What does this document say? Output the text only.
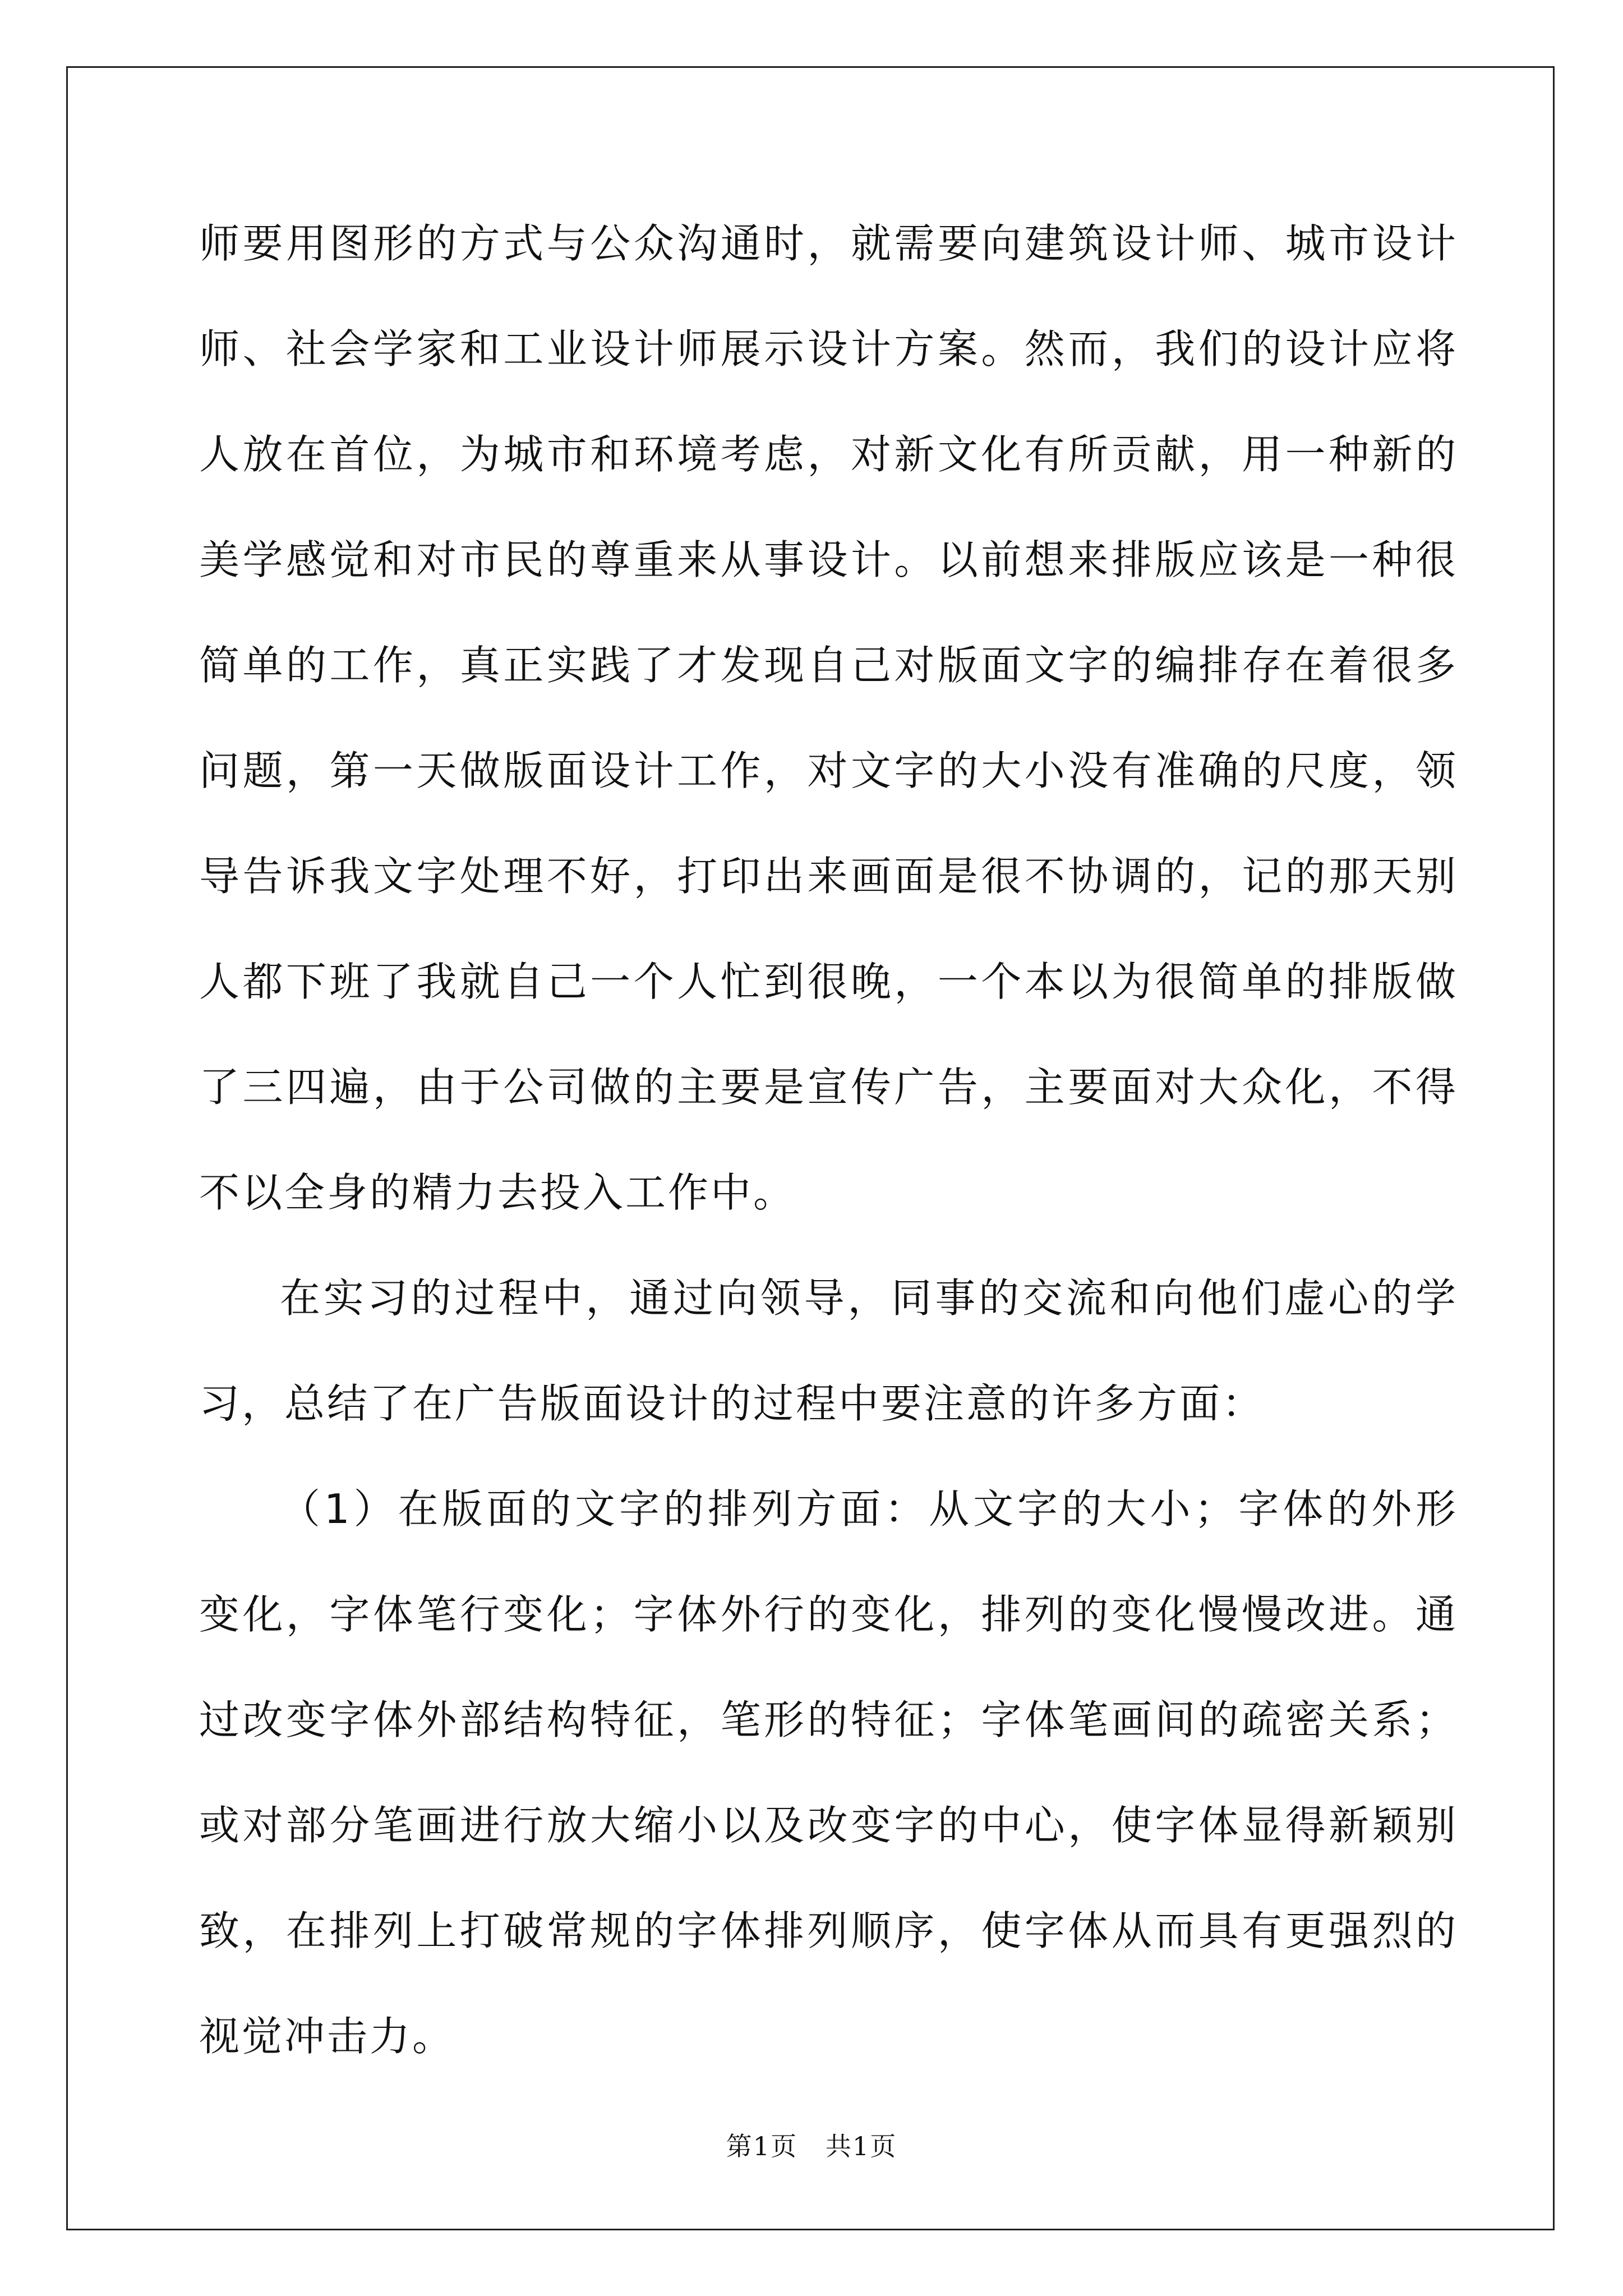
师要用图形的方式与公众沟通时，就需要向建筑设计师、城市设计师、社会学家和工业设计师展示设计方案。然而，我们的设计应将人放在首位，为城市和环境考虑，对新文化有所贡献，用一种新的美学感觉和对市民的尊重来从事设计。以前想来排版应该是一种很简单的工作，真正实践了才发现自己对版面文字的编排存在着很多问题，第一天做版面设计工作，对文字的大小没有准确的尺度，领导告诉我文字处理不好，打印出来画面是很不协调的，记的那天别人都下班了我就自己一个人忙到很晚，一个本以为很简单的排版做了三四遍，由于公司做的主要是宣传广告，主要面对大众化，不得不以全身的精力去投入工作中。

在实习的过程中，通过向领导，同事的交流和向他们虚心的学习，总结了在广告版面设计的过程中要注意的许多方面：

（1）在版面的文字的排列方面：从文字的大小；字体的外形变化，字体笔行变化；字体外行的变化，排列的变化慢慢改进。通过改变字体外部结构特征，笔形的特征；字体笔画间的疏密关系；或对部分笔画进行放大缩小以及改变字的中心，使字体显得新颖别致，在排列上打破常规的字体排列顺序，使字体从而具有更强烈的视觉冲击力。

第1页   共1页
